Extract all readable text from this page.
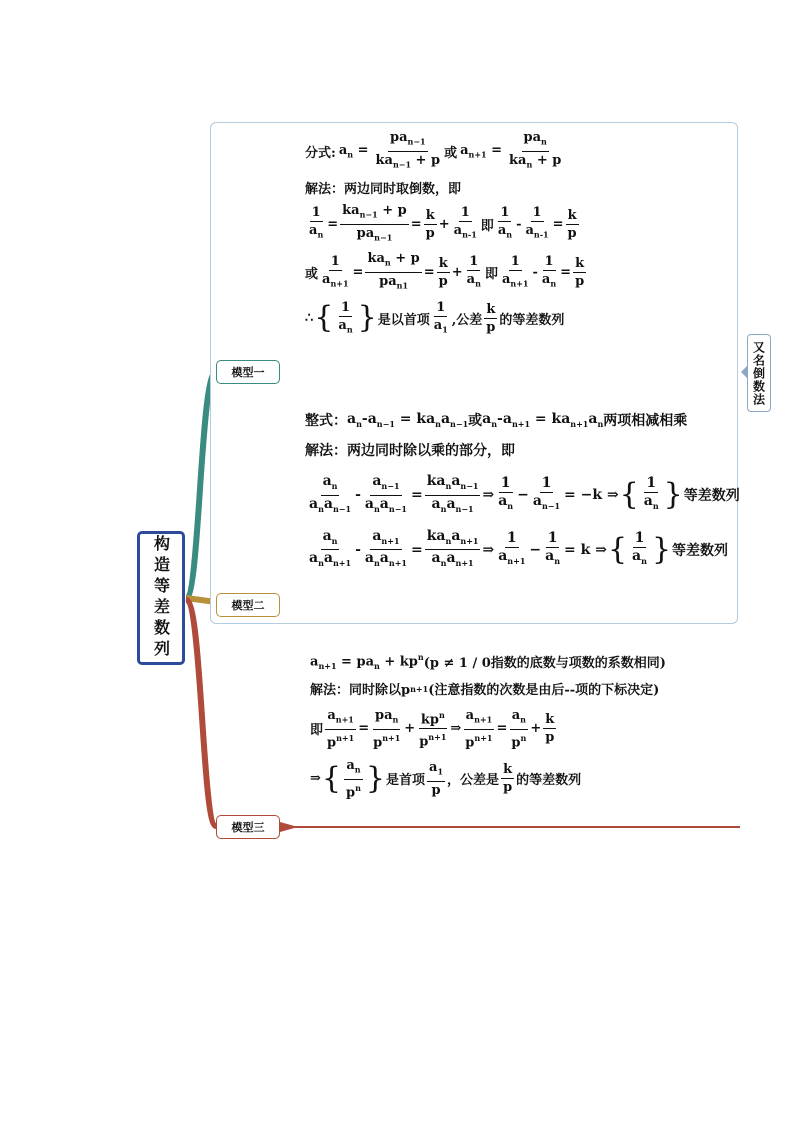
又名倒数法
构造等差数列
模型一
模型二
模型三
分式: $a_n = \frac{pa_{n-1}}{ka_{n-1} + p}$ 或 $a_{n+1} = \frac{pa_n}{ka_n + p}$
解法：两边同时取倒数，即
$\frac{1}{a_n} = \frac{ka_{n-1} + p}{pa_{n-1}} = \frac{k}{p} + \frac{1}{a_{n-1}}$ 即 $\frac{1}{a_n} - \frac{1}{a_{n-1}} = \frac{k}{p}$
或 $\frac{1}{a_{n+1}} = \frac{ka_n + p}{pa_{n1}} = \frac{k}{p} + \frac{1}{a_n}$ 即 $\frac{1}{a_{n+1}} - \frac{1}{a_n} = \frac{k}{p}$
∴ { $\frac{1}{a_n}$ } 是以首项 $\frac{1}{a_1}$ ,公差 $\frac{k}{p}$ 的等差数列
整式： $a_n-a_{n-1} = ka_na_{n-1}$ 或 $a_n-a_{n+1} = ka_{n+1}a_n$ 两项相减相乘
解法：两边同时除以乘的部分，即
$\frac{a_n}{a_na_{n-1}} - \frac{a_{n-1}}{a_na_{n-1}} = \frac{ka_na_{n-1}}{a_na_{n-1}}$ ⇒ $\frac{1}{a_n} - \frac{1}{a_{n-1}} = -k$ ⇒ { $\frac{1}{a_n}$ } 等差数列
$\frac{a_n}{a_na_{n+1}} - \frac{a_{n+1}}{a_na_{n+1}} = \frac{ka_na_{n+1}}{a_na_{n+1}}$ ⇒ $\frac{1}{a_{n+1}} - \frac{1}{a_n} = k$ ⇒ { $\frac{1}{a_n}$ } 等差数列
$a_{n+1} = pa_n + kp^n$ (p ≠ 1 / 0指数的底数与项数的系数相同)
解法：同时除以p n+1 (注意指数的次数是由后--项的下标决定)
即 $\frac{a_{n+1}}{p^{n+1}} = \frac{pa_n}{p^{n+1}} + \frac{kp^n}{p^{n+1}}$ ⇒ $\frac{a_{n+1}}{p^{n+1}} = \frac{a_n}{p^n} + \frac{k}{p}$
⇒ { $\frac{a_n}{p^n}$ } 是首项 $\frac{a_1}{p}$ ，公差是 $\frac{k}{p}$ 的等差数列
